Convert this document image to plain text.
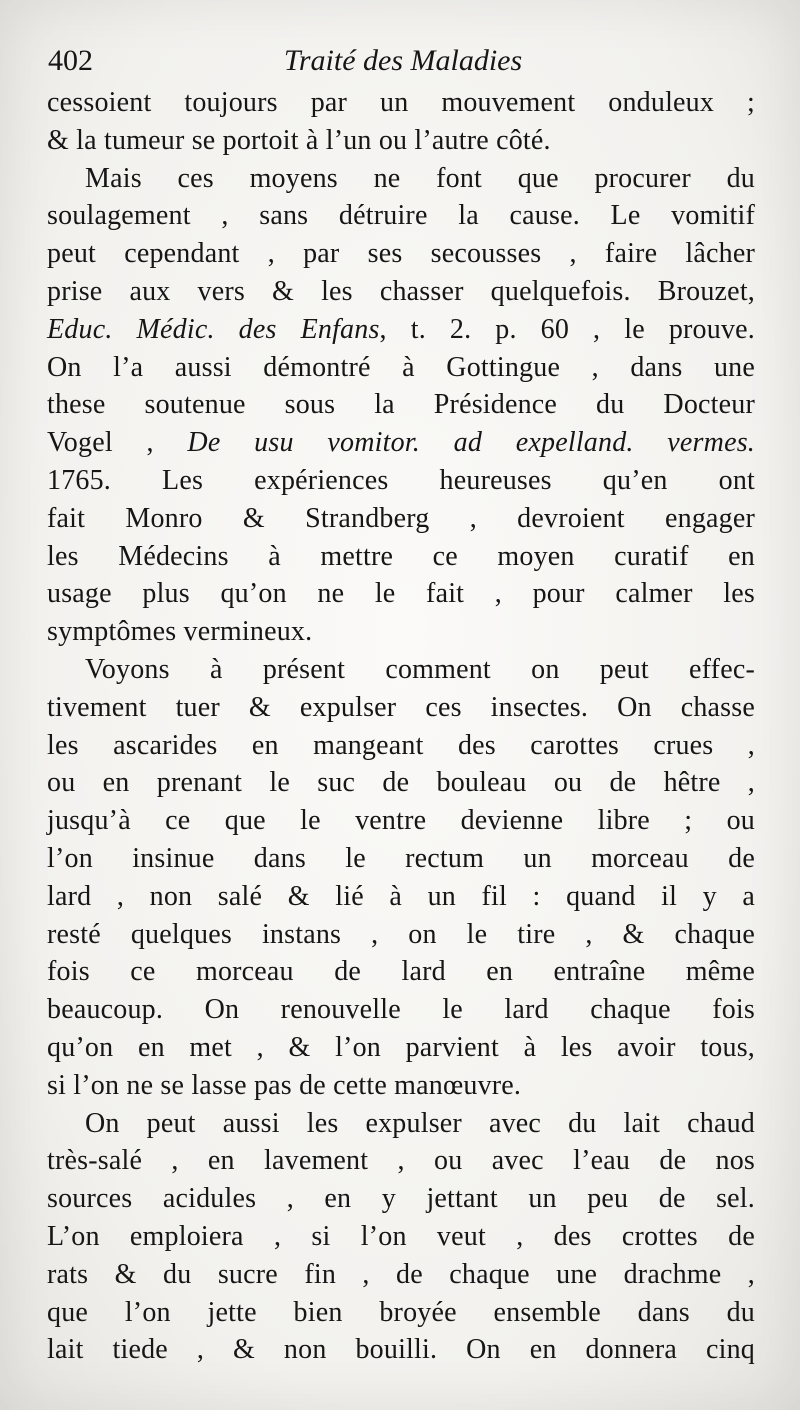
402	Traité des Maladies
cessoient toujours par un mouvement onduleux ;
& la tumeur se portoit à l’un ou l’autre côté.
Mais ces moyens ne font que procurer du
soulagement , sans détruire la cause. Le vomitif
peut cependant , par ses secousses , faire lâcher
prise aux vers & les chasser quelquefois. Brouzet,
Educ. Médic. des Enfans, t. 2. p. 60 , le prouve.
On l’a aussi démontré à Gottingue , dans une
these soutenue sous la Présidence du Docteur
Vogel , De usu vomitor. ad expelland. vermes.
1765. Les expériences heureuses qu’en ont
fait Monro & Strandberg , devroient engager
les Médecins à mettre ce moyen curatif en
usage plus qu’on ne le fait , pour calmer les
symptômes vermineux.
Voyons à présent comment on peut effec-
tivement tuer & expulser ces insectes. On chasse
les ascarides en mangeant des carottes crues ,
ou en prenant le suc de bouleau ou de hêtre ,
jusqu’à ce que le ventre devienne libre ; ou
l’on insinue dans le rectum un morceau de
lard , non salé & lié à un fil : quand il y a
resté quelques instans , on le tire , & chaque
fois ce morceau de lard en entraîne même
beaucoup. On renouvelle le lard chaque fois
qu’on en met , & l’on parvient à les avoir tous,
si l’on ne se lasse pas de cette manœuvre.
On peut aussi les expulser avec du lait chaud
très-salé , en lavement , ou avec l’eau de nos
sources acidules , en y jettant un peu de sel.
L’on emploiera , si l’on veut , des crottes de
rats & du sucre fin , de chaque une drachme ,
que l’on jette bien broyée ensemble dans du
lait tiede , & non bouilli. On en donnera cinq
